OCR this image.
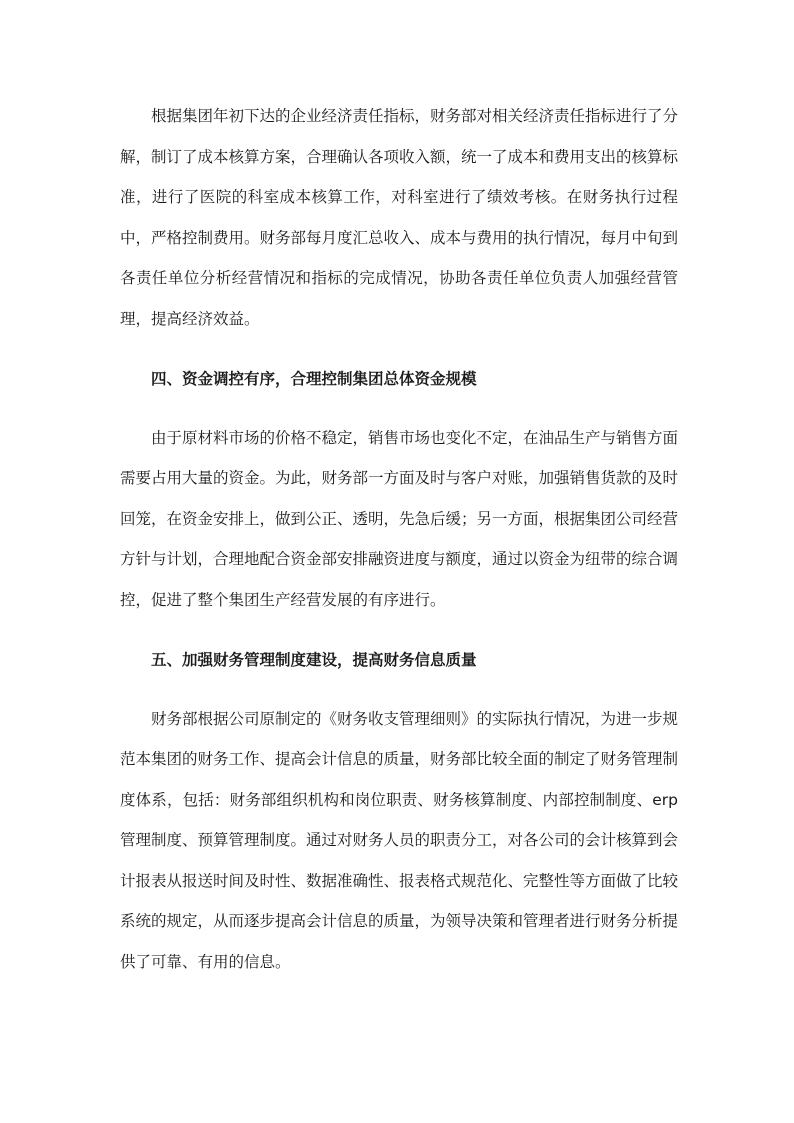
根据集团年初下达的企业经济责任指标，财务部对相关经济责任指标进行了分解，制订了成本核算方案，合理确认各项收入额，统一了成本和费用支出的核算标准，进行了医院的科室成本核算工作，对科室进行了绩效考核。在财务执行过程中，严格控制费用。财务部每月度汇总收入、成本与费用的执行情况，每月中旬到各责任单位分析经营情况和指标的完成情况，协助各责任单位负责人加强经营管理，提高经济效益。

四、资金调控有序，合理控制集团总体资金规模

由于原材料市场的价格不稳定，销售市场也变化不定，在油品生产与销售方面需要占用大量的资金。为此，财务部一方面及时与客户对账，加强销售货款的及时回笼，在资金安排上，做到公正、透明，先急后缓；另一方面，根据集团公司经营方针与计划，合理地配合资金部安排融资进度与额度，通过以资金为纽带的综合调控，促进了整个集团生产经营发展的有序进行。

五、加强财务管理制度建设，提高财务信息质量

财务部根据公司原制定的《财务收支管理细则》的实际执行情况，为进一步规范本集团的财务工作、提高会计信息的质量，财务部比较全面的制定了财务管理制度体系，包括：财务部组织机构和岗位职责、财务核算制度、内部控制制度、erp管理制度、预算管理制度。通过对财务人员的职责分工，对各公司的会计核算到会计报表从报送时间及时性、数据准确性、报表格式规范化、完整性等方面做了比较系统的规定，从而逐步提高会计信息的质量，为领导决策和管理者进行财务分析提供了可靠、有用的信息。
